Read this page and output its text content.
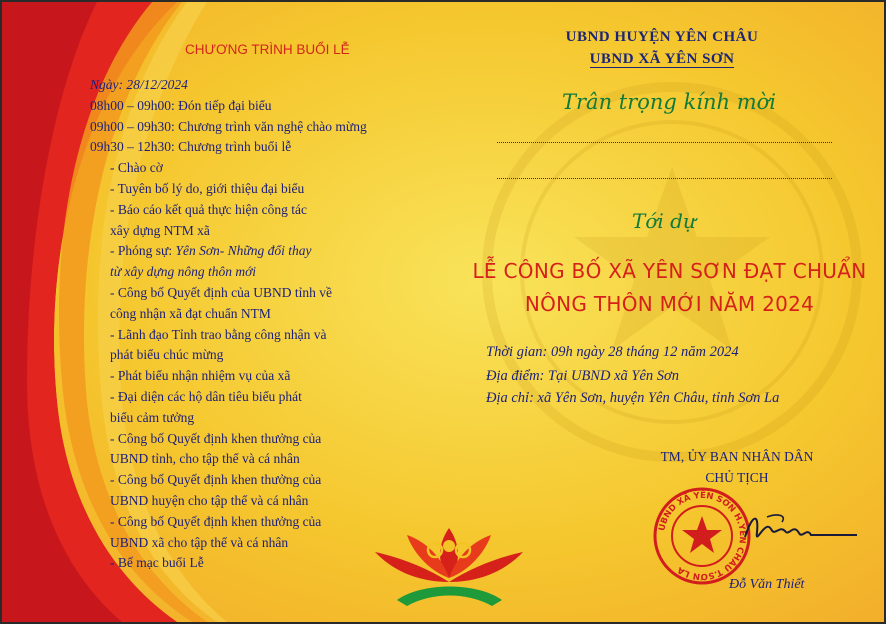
CHƯƠNG TRÌNH BUỔI LỄ
Ngày: 28/12/2024
08h00 – 09h00: Đón tiếp đại biểu
09h00 – 09h30: Chương trình văn nghệ chào mừng
09h30 – 12h30: Chương trình buổi lễ
- Chào cờ
- Tuyên bố lý do, giới thiệu đại biểu
- Báo cáo kết quả thực hiện công tác
xây dựng NTM xã
- Phóng sự: Yên Sơn- Những đổi thay
từ xây dựng nông thôn mới
- Công bố Quyết định của UBND tỉnh về
công nhận xã đạt chuẩn NTM
- Lãnh đạo Tỉnh trao bằng công nhận và
phát biểu chúc mừng
- Phát biểu nhận nhiệm vụ của xã
- Đại diện các hộ dân tiêu biểu phát
biểu cảm tưởng
- Công bố Quyết định khen thưởng của
UBND tỉnh, cho tập thể và cá nhân
- Công bố Quyết định khen thưởng của
UBND huyện cho tập thể và cá nhân
- Công bố Quyết định khen thưởng của
UBND xã cho tập thể và cá nhân
- Bế mạc buổi Lễ
UBND HUYỆN YÊN CHÂU
UBND XÃ YÊN SƠN
Trân trọng kính mời
Tới dự
LỄ CÔNG BỐ XÃ YÊN SƠN ĐẠT CHUẨN
NÔNG THÔN MỚI NĂM 2024
Thời gian: 09h ngày 28 tháng 12 năm 2024
Địa điểm: Tại UBND xã Yên Sơn
Địa chỉ: xã Yên Sơn, huyện Yên Châu, tỉnh Sơn La
TM, ỦY BAN NHÂN DÂN
CHỦ TỊCH
UBND XÃ YÊN SƠN H.YÊN CHÂU T.SƠN LA
Đỗ Văn Thiết
